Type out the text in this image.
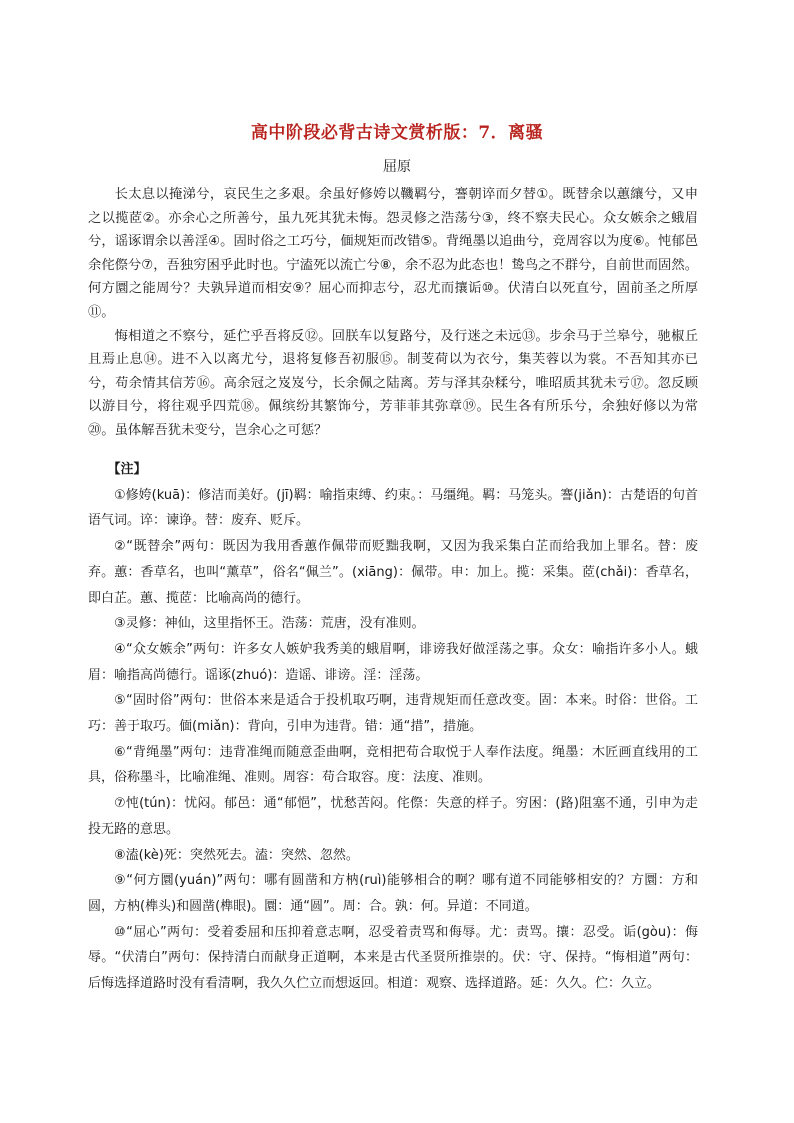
高中阶段必背古诗文赏析版：7．离骚
屈原

长太息以掩涕兮，哀民生之多艰。余虽好修姱以鞿羁兮，謇朝谇而夕替①。既替余以蕙纕兮，又申之以揽茝②。亦余心之所善兮，虽九死其犹未悔。怨灵修之浩荡兮③，终不察夫民心。众女嫉余之蛾眉兮，谣诼谓余以善淫④。固时俗之工巧兮，偭规矩而改错⑤。背绳墨以追曲兮，竞周容以为度⑥。忳郁邑余侘傺兮⑦，吾独穷困乎此时也。宁溘死以流亡兮⑧，余不忍为此态也！鸷鸟之不群兮，自前世而固然。何方圜之能周兮？夫孰异道而相安⑨？屈心而抑志兮，忍尤而攘诟⑩。伏清白以死直兮，固前圣之所厚⑪。

悔相道之不察兮，延伫乎吾将反⑫。回朕车以复路兮，及行迷之未远⑬。步余马于兰皋兮，驰椒丘且焉止息⑭。进不入以离尤兮，退将复修吾初服⑮。制芰荷以为衣兮，集芙蓉以为裳。不吾知其亦已兮，苟余情其信芳⑯。高余冠之岌岌兮，长余佩之陆离。芳与泽其杂糅兮，唯昭质其犹未亏⑰。忽反顾以游目兮，将往观乎四荒⑱。佩缤纷其繁饰兮，芳菲菲其弥章⑲。民生各有所乐兮，余独好修以为常⑳。虽体解吾犹未变兮，岂余心之可惩？

【注】

①修姱(kuā)：修洁而美好。(jī)羁：喻指束缚、约束。：马缰绳。羁：马笼头。謇(jiǎn)：古楚语的句首语气词。谇：谏诤。替：废弃、贬斥。

②“既替余”两句：既因为我用香蕙作佩带而贬黜我啊，又因为我采集白芷而给我加上罪名。替：废弃。蕙：香草名，也叫“薰草”，俗名“佩兰”。(xiāng)：佩带。申：加上。揽：采集。茝(chǎi)：香草名，即白芷。蕙、揽茝：比喻高尚的德行。

③灵修：神仙，这里指怀王。浩荡：荒唐，没有准则。

④“众女嫉余”两句：许多女人嫉妒我秀美的蛾眉啊，诽谤我好做淫荡之事。众女：喻指许多小人。蛾眉：喻指高尚德行。谣诼(zhuó)：造谣、诽谤。淫：淫荡。

⑤“固时俗”两句：世俗本来是适合于投机取巧啊，违背规矩而任意改变。固：本来。时俗：世俗。工巧：善于取巧。偭(miǎn)：背向，引申为违背。错：通“措”，措施。

⑥“背绳墨”两句：违背准绳而随意歪曲啊，竞相把苟合取悦于人奉作法度。绳墨：木匠画直线用的工具，俗称墨斗，比喻准绳、准则。周容：苟合取容。度：法度、准则。

⑦忳(tún)：忧闷。郁邑：通“郁悒”，忧愁苦闷。侘傺：失意的样子。穷困：(路)阻塞不通，引申为走投无路的意思。

⑧溘(kè)死：突然死去。溘：突然、忽然。

⑨“何方圜(yuán)”两句：哪有圆凿和方枘(ruì)能够相合的啊？哪有道不同能够相安的？方圜：方和圆，方枘(榫头)和圆凿(榫眼)。圜：通“圆”。周：合。孰：何。异道：不同道。

⑩“屈心”两句：受着委屈和压抑着意志啊，忍受着责骂和侮辱。尤：责骂。攘：忍受。诟(gòu)：侮辱。“伏清白”两句：保持清白而献身正道啊，本来是古代圣贤所推崇的。伏：守、保持。“悔相道”两句：后悔选择道路时没有看清啊，我久久伫立而想返回。相道：观察、选择道路。延：久久。伫：久立。
